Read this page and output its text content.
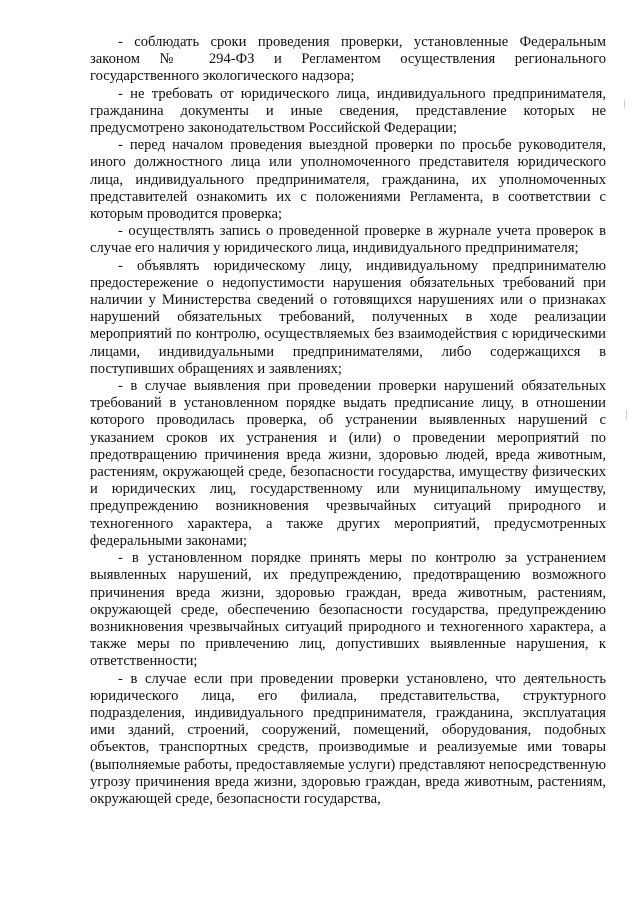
- соблюдать сроки проведения проверки, установленные Федеральным законом № 294-ФЗ и Регламентом осуществления регионального государственного экологического надзора;

- не требовать от юридического лица, индивидуального предпринимателя, гражданина документы и иные сведения, представление которых не предусмотрено законодательством Российской Федерации;

- перед началом проведения выездной проверки по просьбе руководителя, иного должностного лица или уполномоченного представителя юридического лица, индивидуального предпринимателя, гражданина, их уполномоченных представителей ознакомить их с положениями Регламента, в соответствии с которым проводится проверка;

- осуществлять запись о проведенной проверке в журнале учета проверок в случае его наличия у юридического лица, индивидуального предпринимателя;

- объявлять юридическому лицу, индивидуальному предпринимателю предостережение о недопустимости нарушения обязательных требований при наличии у Министерства сведений о готовящихся нарушениях или о признаках нарушений обязательных требований, полученных в ходе реализации мероприятий по контролю, осуществляемых без взаимодействия с юридическими лицами, индивидуальными предпринимателями, либо содержащихся в поступивших обращениях и заявлениях;

- в случае выявления при проведении проверки нарушений обязательных требований в установленном порядке выдать предписание лицу, в отношении которого проводилась проверка, об устранении выявленных нарушений с указанием сроков их устранения и (или) о проведении мероприятий по предотвращению причинения вреда жизни, здоровью людей, вреда животным, растениям, окружающей среде, безопасности государства, имуществу физических и юридических лиц, государственному или муниципальному имуществу, предупреждению возникновения чрезвычайных ситуаций природного и техногенного характера, а также других мероприятий, предусмотренных федеральными законами;

- в установленном порядке принять меры по контролю за устранением выявленных нарушений, их предупреждению, предотвращению возможного причинения вреда жизни, здоровью граждан, вреда животным, растениям, окружающей среде, обеспечению безопасности государства, предупреждению возникновения чрезвычайных ситуаций природного и техногенного характера, а также меры по привлечению лиц, допустивших выявленные нарушения, к ответственности;

- в случае если при проведении проверки установлено, что деятельность юридического лица, его филиала, представительства, структурного подразделения, индивидуального предпринимателя, гражданина, эксплуатация ими зданий, строений, сооружений, помещений, оборудования, подобных объектов, транспортных средств, производимые и реализуемые ими товары (выполняемые работы, предоставляемые услуги) представляют непосредственную угрозу причинения вреда жизни, здоровью граждан, вреда животным, растениям, окружающей среде, безопасности государства,
